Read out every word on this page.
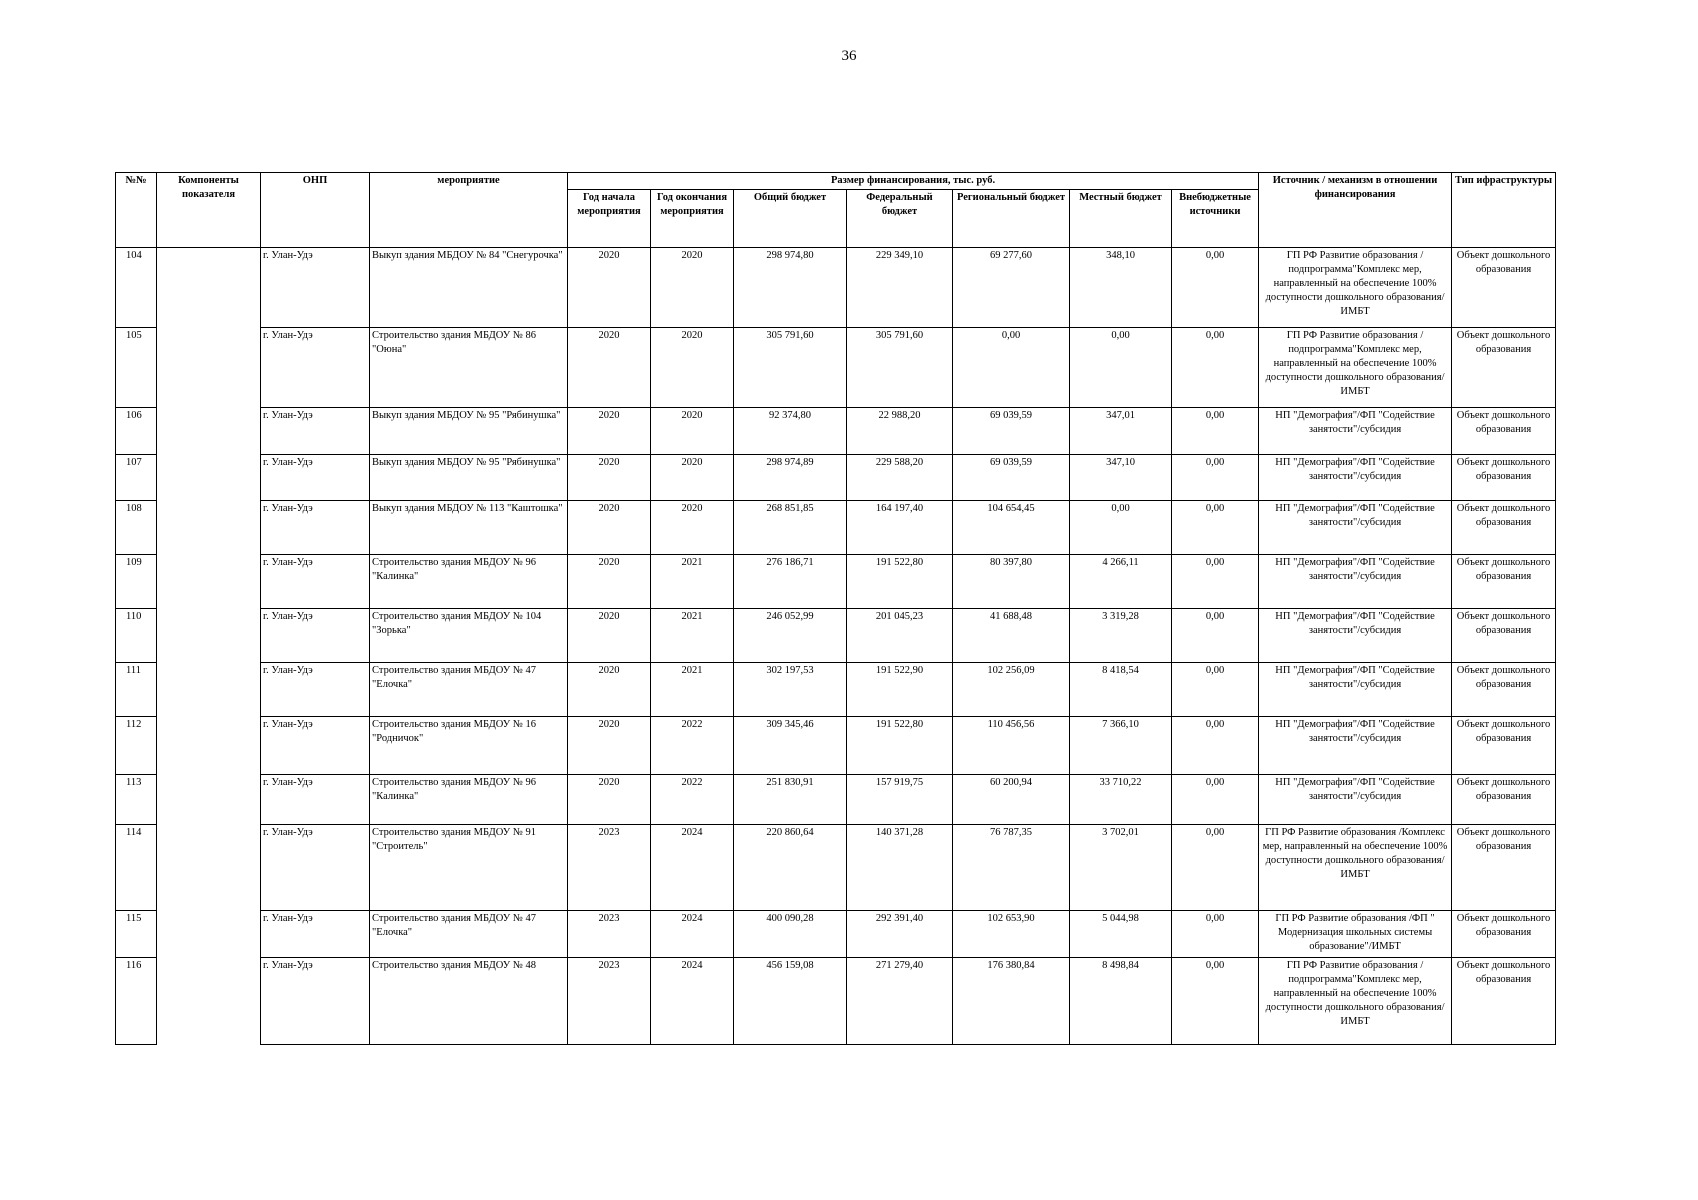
36
№№	Компоненты показателя	ОНП	мероприятие	Размер финансирования, тыс. руб.							Источник / механизм в отношении финансирования	Тип ифраструктуры
				Год начала мероприятия	Год окончания мероприятия	Общий бюджет	Федеральный бюджет	Региональный бюджет	Местный бюджет	Внебюджетные источники		
104		г. Улан-Удэ	Выкуп здания МБДОУ № 84 "Снегурочка"	2020	2020	298 974,80	229 349,10	69 277,60	348,10	0,00	ГП РФ Развитие образования /подпрограмма"Комплекс мер, направленный на обеспечение 100% доступности дошкольного образования/ИМБТ	Объект дошкольного образования
105		г. Улан-Удэ	Строительство здания МБДОУ № 86 "Оюна"	2020	2020	305 791,60	305 791,60	0,00	0,00	0,00	ГП РФ Развитие образования /подпрограмма"Комплекс мер, направленный на обеспечение 100% доступности дошкольного образования/ИМБТ	Объект дошкольного образования
106		г. Улан-Удэ	Выкуп здания МБДОУ № 95 "Рябинушка"	2020	2020	92 374,80	22 988,20	69 039,59	347,01	0,00	НП "Демография"/ФП "Содействие занятости"/субсидия	Объект дошкольного образования
107		г. Улан-Удэ	Выкуп здания МБДОУ № 95 "Рябинушка"	2020	2020	298 974,89	229 588,20	69 039,59	347,10	0,00	НП "Демография"/ФП "Содействие занятости"/субсидия	Объект дошкольного образования
108		г. Улан-Удэ	Выкуп здания МБДОУ № 113 "Каштошка"	2020	2020	268 851,85	164 197,40	104 654,45	0,00	0,00	НП "Демография"/ФП "Содействие занятости"/субсидия	Объект дошкольного образования
109		г. Улан-Удэ	Строительство здания МБДОУ № 96 "Калинка"	2020	2021	276 186,71	191 522,80	80 397,80	4 266,11	0,00	НП "Демография"/ФП "Содействие занятости"/субсидия	Объект дошкольного образования
110		г. Улан-Удэ	Строительство здания МБДОУ № 104 "Зорька"	2020	2021	246 052,99	201 045,23	41 688,48	3 319,28	0,00	НП "Демография"/ФП "Содействие занятости"/субсидия	Объект дошкольного образования
111		г. Улан-Удэ	Строительство здания МБДОУ № 47 "Елочка"	2020	2021	302 197,53	191 522,90	102 256,09	8 418,54	0,00	НП "Демография"/ФП "Содействие занятости"/субсидия	Объект дошкольного образования
112		г. Улан-Удэ	Строительство здания МБДОУ № 16 "Родничок"	2020	2022	309 345,46	191 522,80	110 456,56	7 366,10	0,00	НП "Демография"/ФП "Содействие занятости"/субсидия	Объект дошкольного образования
113		г. Улан-Удэ	Строительство здания МБДОУ № 96 "Калинка"	2020	2022	251 830,91	157 919,75	60 200,94	33 710,22	0,00	НП "Демография"/ФП "Содействие занятости"/субсидия	Объект дошкольного образования
114		г. Улан-Удэ	Строительство здания МБДОУ № 91 "Строитель"	2023	2024	220 860,64	140 371,28	76 787,35	3 702,01	0,00	ГП РФ Развитие образования /Комплекс мер, направленный на обеспечение 100% доступности дошкольного образования/ИМБТ	Объект дошкольного образования
115		г. Улан-Удэ	Строительство здания МБДОУ № 47 "Елочка"	2023	2024	400 090,28	292 391,40	102 653,90	5 044,98	0,00	ГП РФ Развитие образования /ФП " Модернизация школьных системы образование"/ИМБТ	Объект дошкольного образования
116		г. Улан-Удэ	Строительство здания МБДОУ № 48	2023	2024	456 159,08	271 279,40	176 380,84	8 498,84	0,00	ГП РФ Развитие образования /подпрограмма"Комплекс мер, направленный на обеспечение 100% доступности дошкольного образования/ИМБТ	Объект дошкольного образования
